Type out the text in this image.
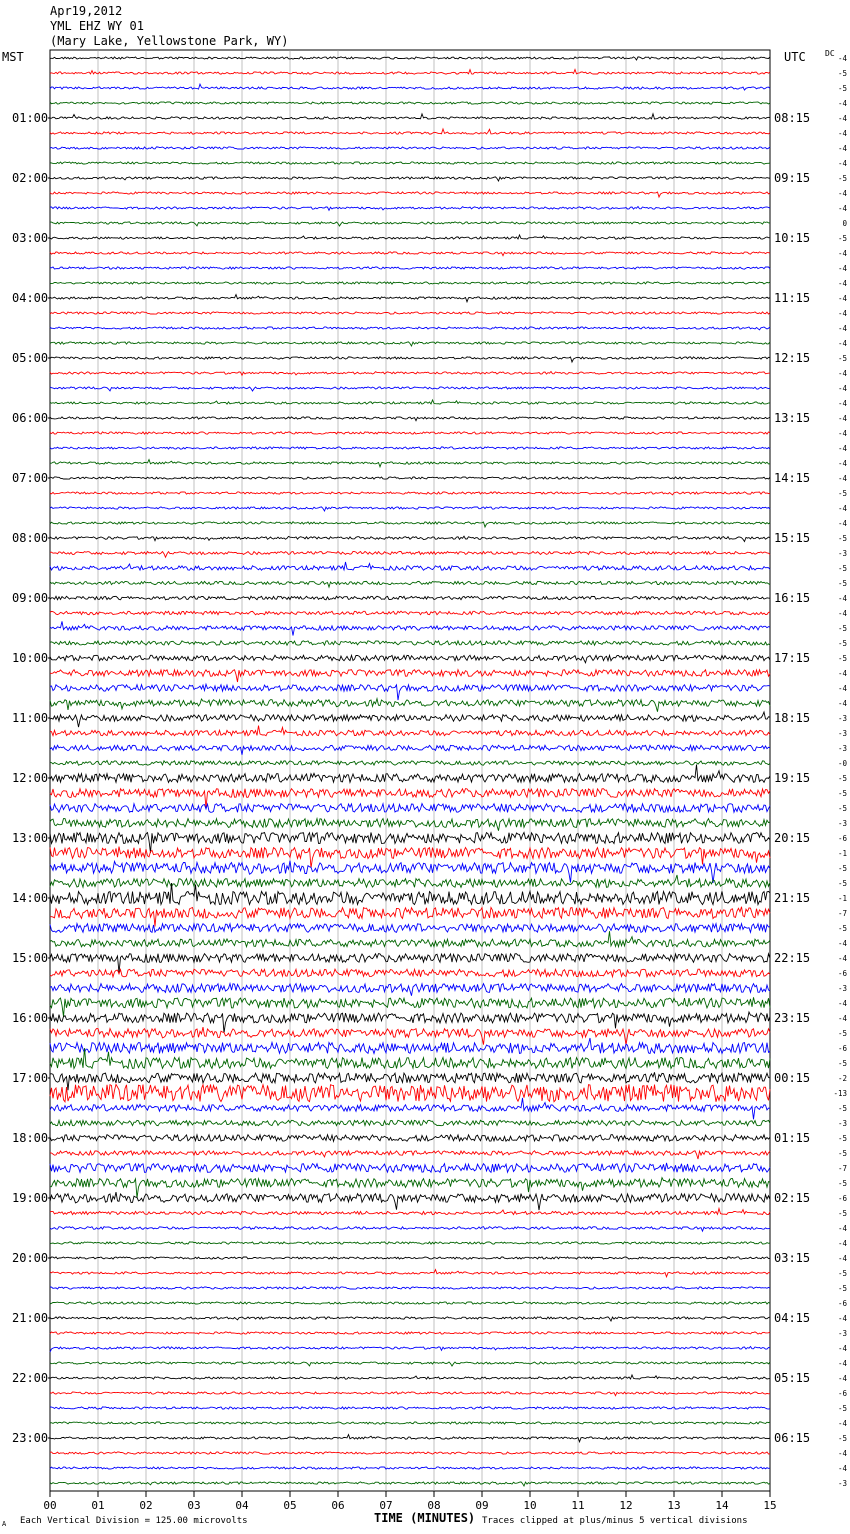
Apr19,2012
YML EHZ WY 01
(Mary Lake, Yellowstone Park, WY)
MST	UTC DC
01:00
02:00
03:00
04:00
05:00
06:00
07:00
08:00
09:00
10:00
11:00
12:00
13:00
14:00
15:00
16:00
17:00
18:00
19:00
20:00
21:00
22:00
23:00
08:15
09:15
10:15
11:15
12:15
13:15
14:15
15:15
16:15
17:15
18:15
19:15
20:15
21:15
22:15
23:15
00:15
01:15
02:15
03:15
04:15
05:15
06:15
-4
-5
-5
-4
-4
-4
-4
-4
-5
-4
-4
0
-5
-4
-4
-4
-4
-4
-4
-4
-5
-4
-4
-4
-4
-4
-4
-4
-4
-5
-4
-4
-5
-3
-5
-5
-4
-4
-5
-5
-5
-4
-4
-4
-3
-3
-3
-0
-5
-5
-5
-3
-6
-1
-5
-5
-1
-7
-5
-4
-4
-6
-3
-4
-4
-5
-6
-5
-2
-13
-5
-3
-5
-5
-7
-5
-6
-5
-4
-4
-4
-5
-5
-6
-4
-3
-4
-4
-4
-6
-5
-4
-5
-4
-4
-3
00	01	02	03	04	05	06	07	08	09	10	11	12	13	14	15
TIME (MINUTES)
A Each Vertical Division = 125.00 microvolts	Traces clipped at plus/minus 5 vertical divisions
